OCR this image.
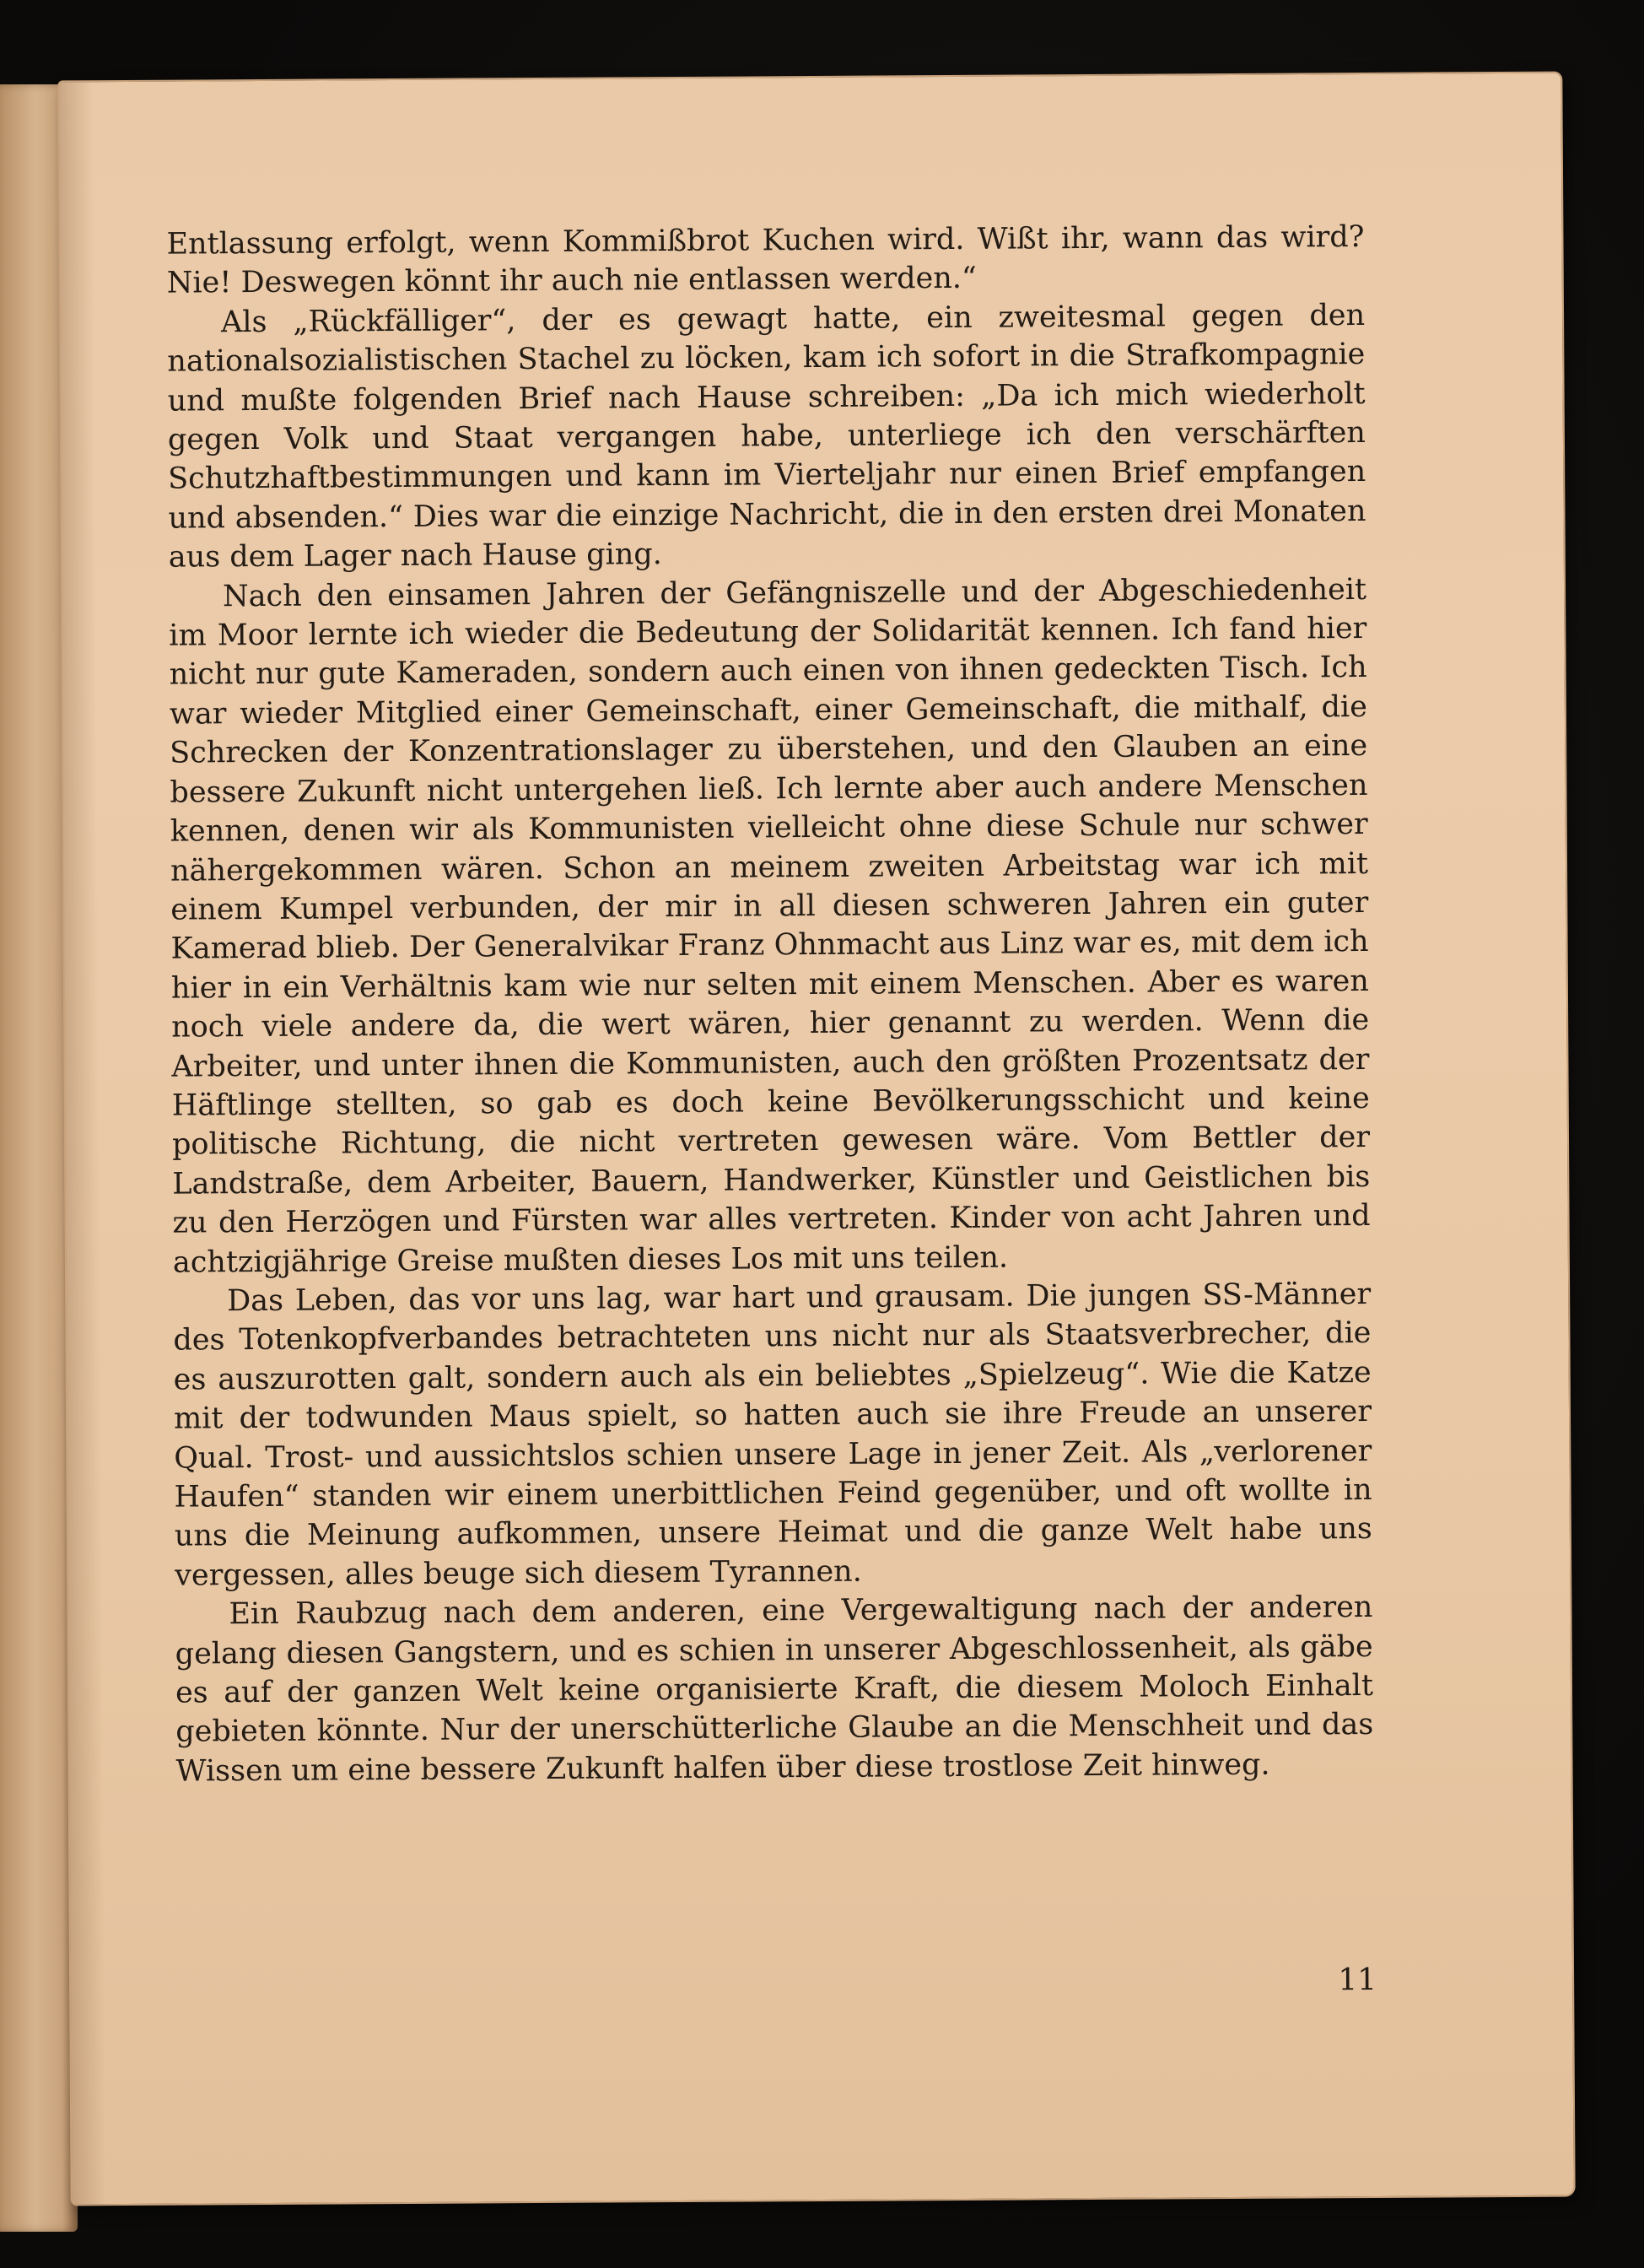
Entlassung erfolgt, wenn Kommißbrot Kuchen wird. Wißt ihr, wann das wird? Nie! Deswegen könnt ihr auch nie entlassen werden.“

Als „Rückfälliger“, der es gewagt hatte, ein zweitesmal gegen den nationalsozialistischen Stachel zu löcken, kam ich sofort in die Strafkompagnie und mußte folgenden Brief nach Hause schreiben: „Da ich mich wiederholt gegen Volk und Staat vergangen habe, unterliege ich den verschärften Schutzhaftbestimmungen und kann im Vierteljahr nur einen Brief empfangen und absenden.“ Dies war die einzige Nachricht, die in den ersten drei Monaten aus dem Lager nach Hause ging.

Nach den einsamen Jahren der Gefängniszelle und der Abgeschiedenheit im Moor lernte ich wieder die Bedeutung der Solidarität kennen. Ich fand hier nicht nur gute Kameraden, sondern auch einen von ihnen gedeckten Tisch. Ich war wieder Mitglied einer Gemeinschaft, einer Gemeinschaft, die mithalf, die Schrecken der Konzentrationslager zu überstehen, und den Glauben an eine bessere Zukunft nicht untergehen ließ. Ich lernte aber auch andere Menschen kennen, denen wir als Kommunisten vielleicht ohne diese Schule nur schwer nähergekommen wären. Schon an meinem zweiten Arbeitstag war ich mit einem Kumpel verbunden, der mir in all diesen schweren Jahren ein guter Kamerad blieb. Der Generalvikar Franz Ohnmacht aus Linz war es, mit dem ich hier in ein Verhältnis kam wie nur selten mit einem Menschen. Aber es waren noch viele andere da, die wert wären, hier genannt zu werden. Wenn die Arbeiter, und unter ihnen die Kommunisten, auch den größten Prozentsatz der Häftlinge stellten, so gab es doch keine Bevölkerungsschicht und keine politische Richtung, die nicht vertreten gewesen wäre. Vom Bettler der Landstraße, dem Arbeiter, Bauern, Handwerker, Künstler und Geistlichen bis zu den Herzögen und Fürsten war alles vertreten. Kinder von acht Jahren und achtzigjährige Greise mußten dieses Los mit uns teilen.

Das Leben, das vor uns lag, war hart und grausam. Die jungen SS-Männer des Totenkopfverbandes betrachteten uns nicht nur als Staatsverbrecher, die es auszurotten galt, sondern auch als ein beliebtes „Spielzeug“. Wie die Katze mit der todwunden Maus spielt, so hatten auch sie ihre Freude an unserer Qual. Trost- und aussichtslos schien unsere Lage in jener Zeit. Als „verlorener Haufen“ standen wir einem unerbittlichen Feind gegenüber, und oft wollte in uns die Meinung aufkommen, unsere Heimat und die ganze Welt habe uns vergessen, alles beuge sich diesem Tyrannen.

Ein Raubzug nach dem anderen, eine Vergewaltigung nach der anderen gelang diesen Gangstern, und es schien in unserer Abgeschlossenheit, als gäbe es auf der ganzen Welt keine organisierte Kraft, die diesem Moloch Einhalt gebieten könnte. Nur der unerschütterliche Glaube an die Menschheit und das Wissen um eine bessere Zukunft halfen über diese trostlose Zeit hinweg.

11
